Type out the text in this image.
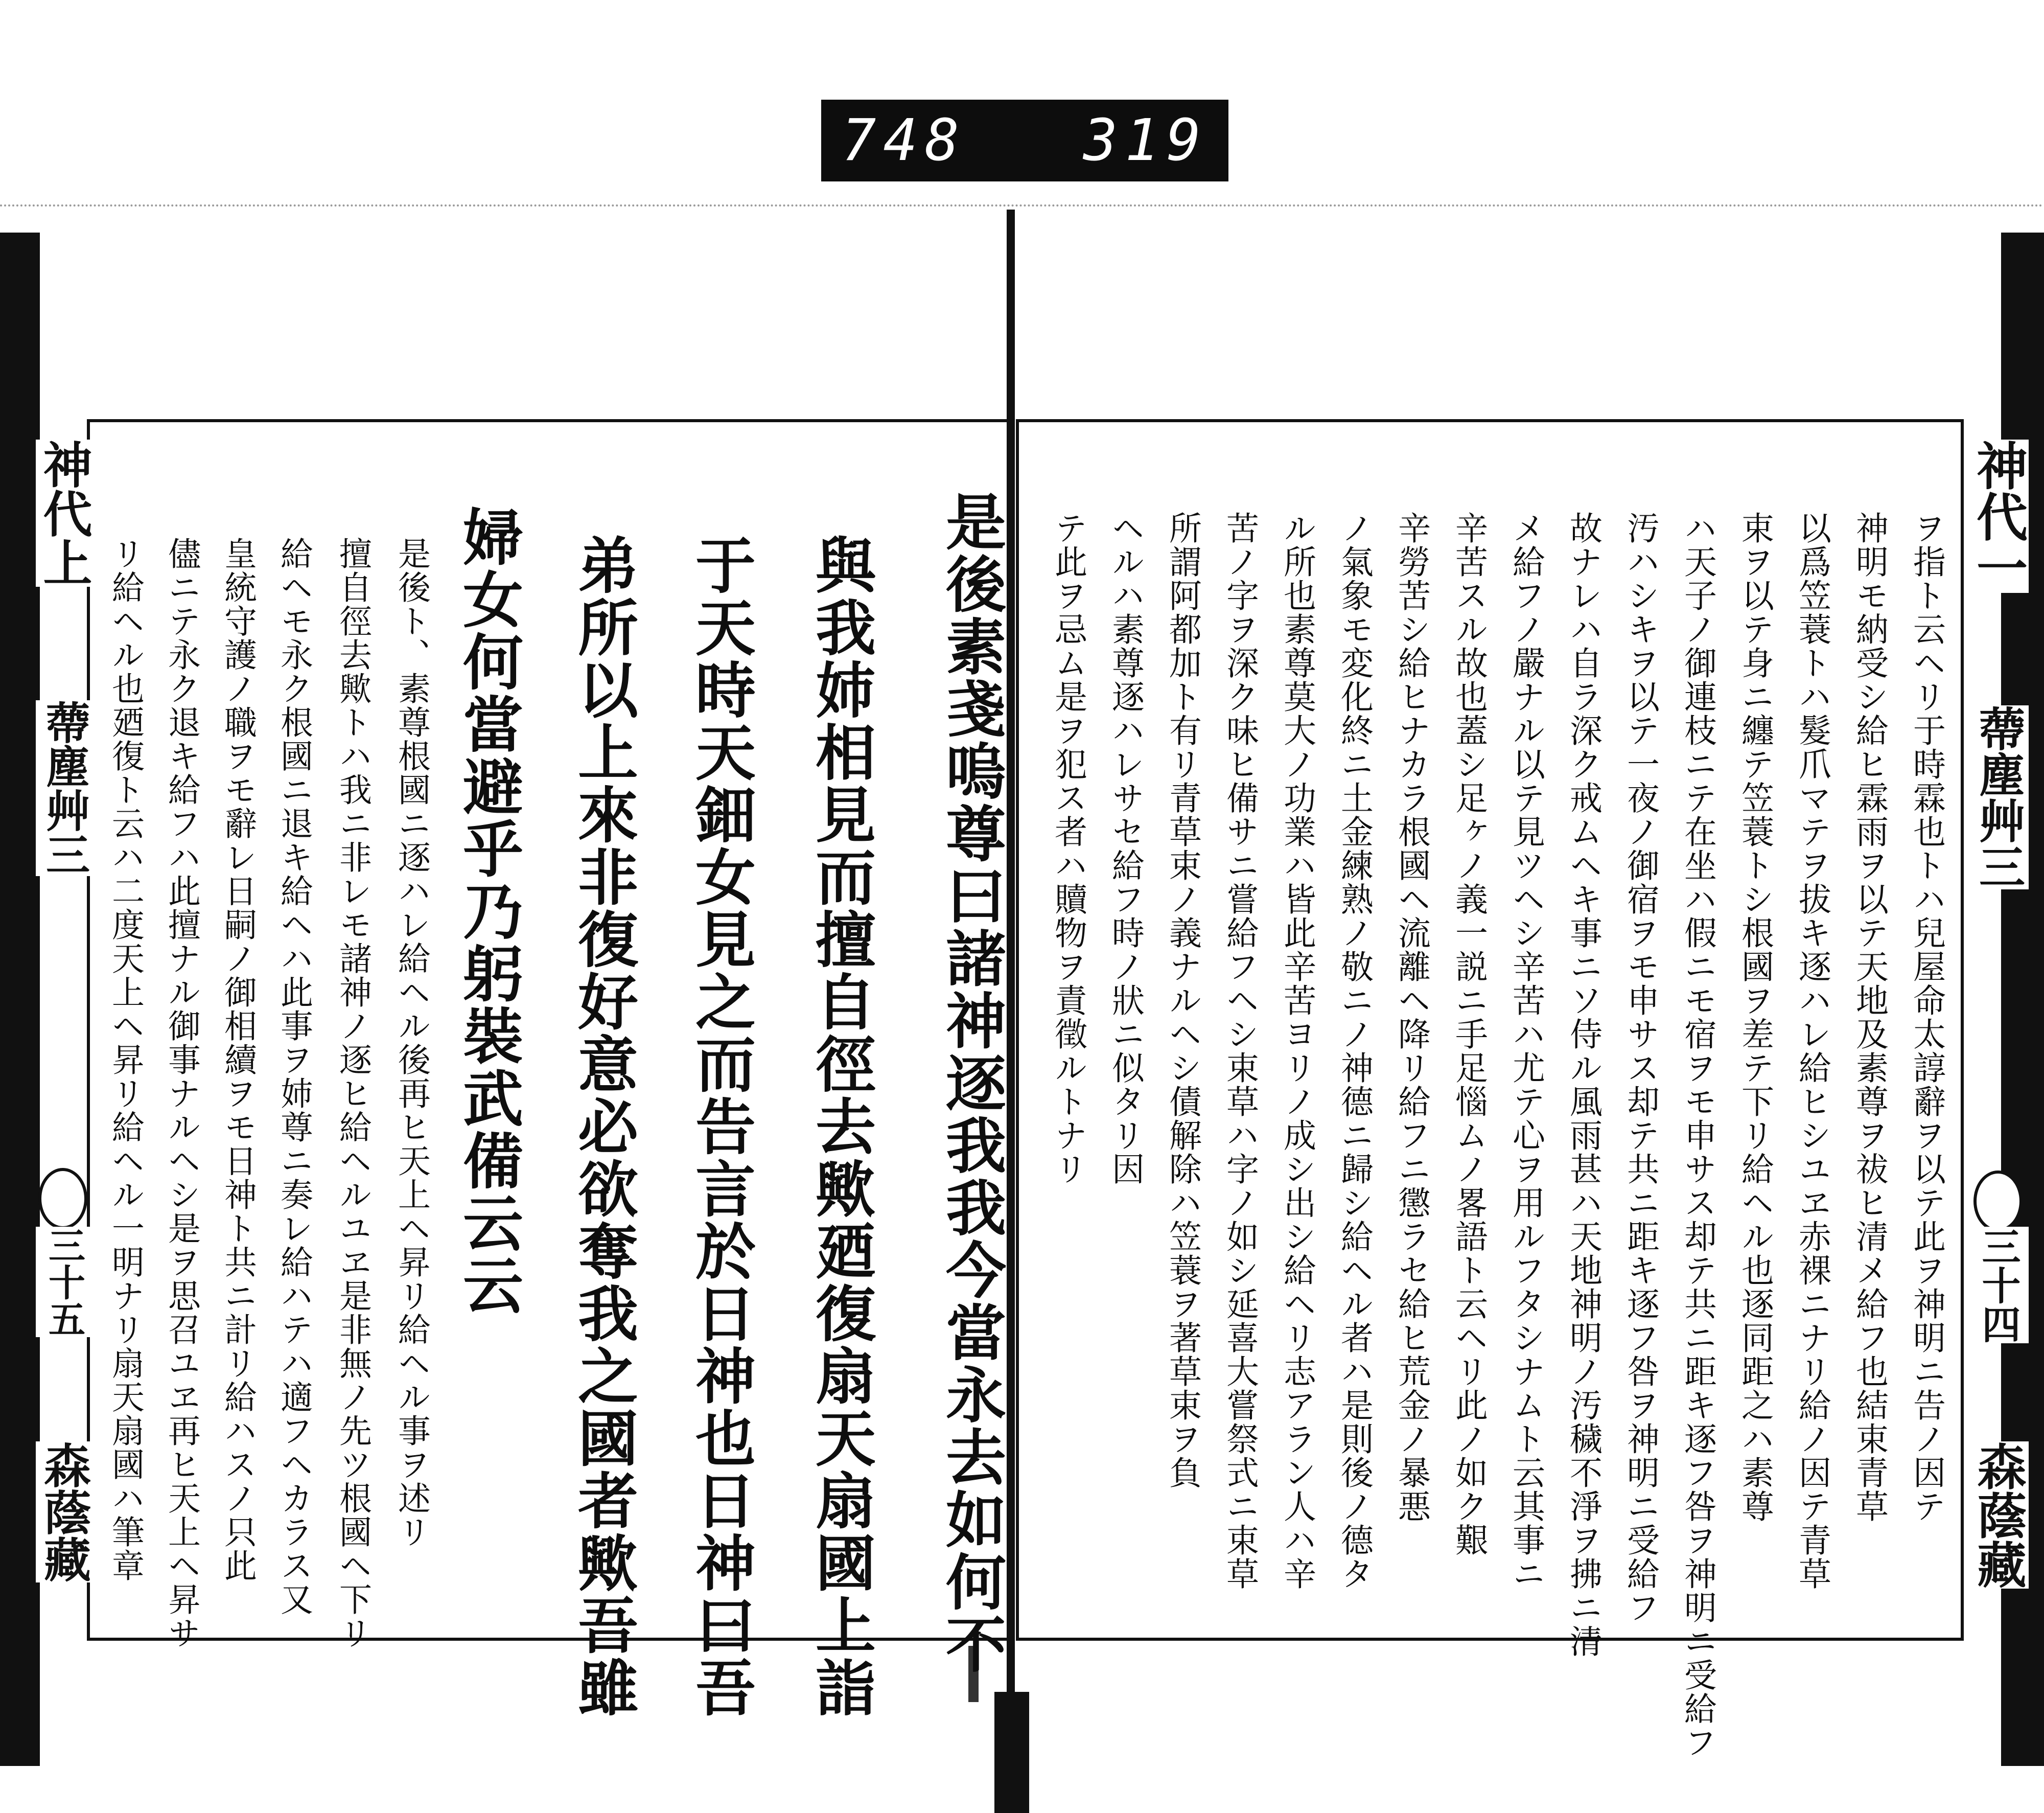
748 319
神代上
蔕塵艸三
三十五
森蔭藏
神代一
蔕塵艸三
三十四
森蔭藏
是後素戔嗚尊曰諸神逐我我今當永去如何不
與我姉相見而擅自徑去歟廼復扇天扇國上詣
于天時天鈿女見之而告言於日神也日神曰吾
弟所以上來非復好意必欲奪我之國者歟吾雖
婦女何當避乎乃躬裝武備云云
是後ト、素尊根國ニ逐ハレ給ヘル後再ヒ天上ヘ昇リ給ヘル事ヲ述リ
擅自徑去歟トハ我ニ非レモ諸神ノ逐ヒ給ヘルユヱ是非無ノ先ツ根國ヘ下リ
給ヘモ永ク根國ニ退キ給ヘハ此事ヲ姉尊ニ奏レ給ハテハ適フヘカラス又
皇統守護ノ職ヲモ辭レ日嗣ノ御相續ヲモ日神ト共ニ計リ給ハスノ只此
儘ニテ永ク退キ給フハ此擅ナル御事ナルヘシ是ヲ思召ユヱ再ヒ天上ヘ昇サ
リ給ヘル也廼復ト云ハ二度天上ヘ昇リ給ヘル一明ナリ扇天扇國ハ筆章	ヲ指ト云ヘリ于時霖也トハ兒屋命太諄辭ヲ以テ此ヲ神明ニ告ノ因テ
神明モ納受シ給ヒ霖雨ヲ以テ天地及素尊ヲ祓ヒ清メ給フ也結束青草
以爲笠蓑トハ髮爪マテヲ拔キ逐ハレ給ヒシユヱ赤裸ニナリ給ノ因テ青草
束ヲ以テ身ニ纏テ笠蓑トシ根國ヲ差テ下リ給ヘル也逐同距之ハ素尊
ハ天子ノ御連枝ニテ在坐ハ假ニモ宿ヲモ申サス却テ共ニ距キ逐フ咎ヲ神明ニ受給フ
汚ハシキヲ以テ一夜ノ御宿ヲモ申サス却テ共ニ距キ逐フ咎ヲ神明ニ受給フ
故ナレハ自ラ深ク戒ムヘキ事ニソ侍ル風雨甚ハ天地神明ノ汚穢不淨ヲ拂ニ清
メ給フノ嚴ナル以テ見ツヘシ辛苦ハ尤テ心ヲ用ルフタシナムト云其事ニ
辛苦スル故也蓋シ足ヶノ義一説ニ手足惱ムノ畧語ト云ヘリ此ノ如ク艱
辛勞苦シ給ヒナカラ根國ヘ流離ヘ降リ給フニ懲ラセ給ヒ荒金ノ暴悪
ノ氣象モ変化終ニ土金練熟ノ敬ニノ神德ニ歸シ給ヘル者ハ是則後ノ德タ
ル所也素尊莫大ノ功業ハ皆此辛苦ヨリノ成シ出シ給ヘリ志アラン人ハ辛
苦ノ字ヲ深ク味ヒ備サニ嘗給フヘシ束草ハ字ノ如シ延喜大嘗祭式ニ束草
所謂阿都加ト有リ青草束ノ義ナルヘシ債解除ハ笠蓑ヲ著草束ヲ負
ヘルハ素尊逐ハレサセ給フ時ノ狀ニ似タリ因
テ此ヲ忌ム是ヲ犯ス者ハ贖物ヲ責徵ルトナリ
